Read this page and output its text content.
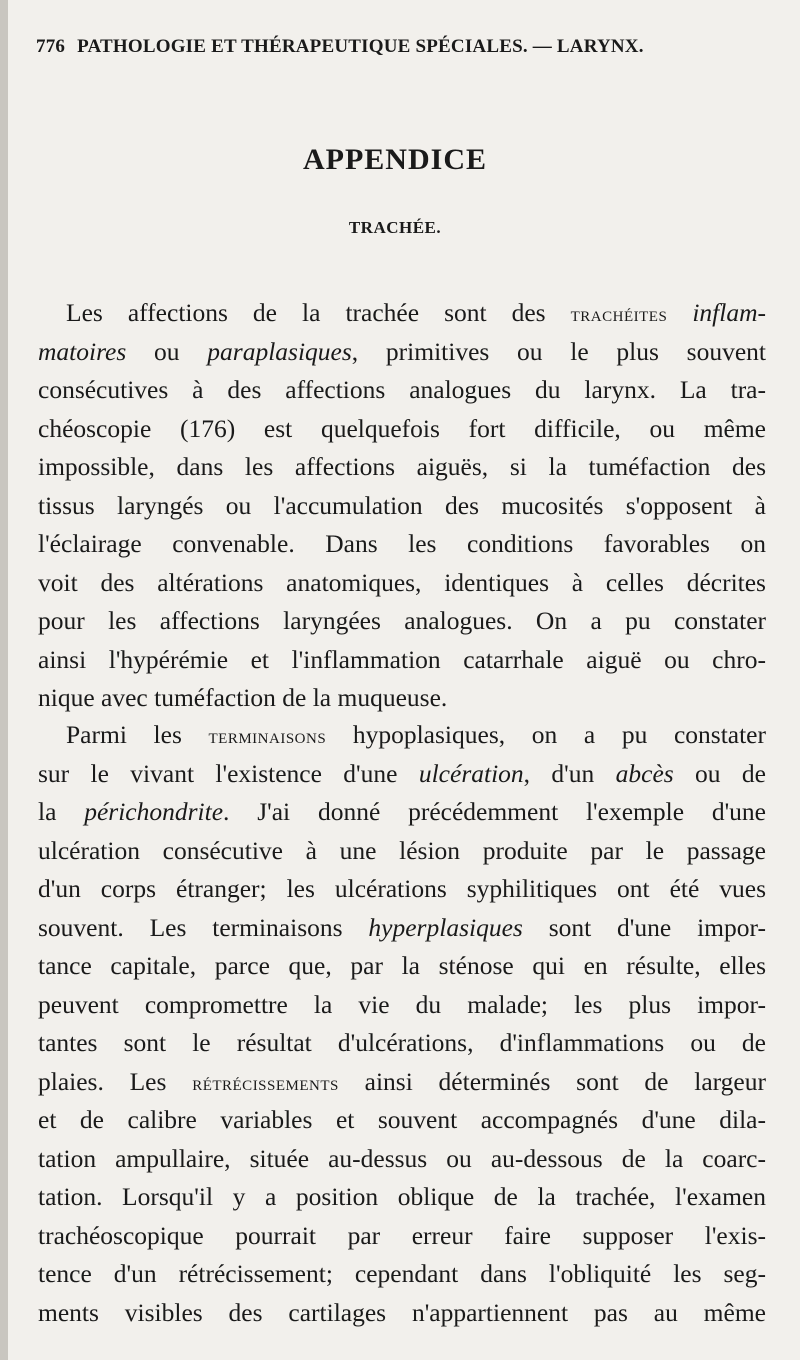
776 PATHOLOGIE ET THÉRAPEUTIQUE SPÉCIALES. — LARYNX.
APPENDICE
TRACHÉE.
Les affections de la trachée sont des trachéites inflam-
matoires ou paraplasiques, primitives ou le plus souvent
consécutives à des affections analogues du larynx. La tra-
chéoscopie (176) est quelquefois fort difficile, ou même
impossible, dans les affections aiguës, si la tuméfaction des
tissus laryngés ou l'accumulation des mucosités s'opposent à
l'éclairage convenable. Dans les conditions favorables on
voit des altérations anatomiques, identiques à celles décrites
pour les affections laryngées analogues. On a pu constater
ainsi l'hypérémie et l'inflammation catarrhale aiguë ou chro-
nique avec tuméfaction de la muqueuse.
Parmi les terminaisons hypoplasiques, on a pu constater
sur le vivant l'existence d'une ulcération, d'un abcès ou de
la périchondrite. J'ai donné précédemment l'exemple d'une
ulcération consécutive à une lésion produite par le passage
d'un corps étranger; les ulcérations syphilitiques ont été vues
souvent. Les terminaisons hyperplasiques sont d'une impor-
tance capitale, parce que, par la sténose qui en résulte, elles
peuvent compromettre la vie du malade; les plus impor-
tantes sont le résultat d'ulcérations, d'inflammations ou de
plaies. Les rétrécissements ainsi déterminés sont de largeur
et de calibre variables et souvent accompagnés d'une dila-
tation ampullaire, située au-dessus ou au-dessous de la coarc-
tation. Lorsqu'il y a position oblique de la trachée, l'examen
trachéoscopique pourrait par erreur faire supposer l'exis-
tence d'un rétrécissement; cependant dans l'obliquité les seg-
ments visibles des cartilages n'appartiennent pas au même
